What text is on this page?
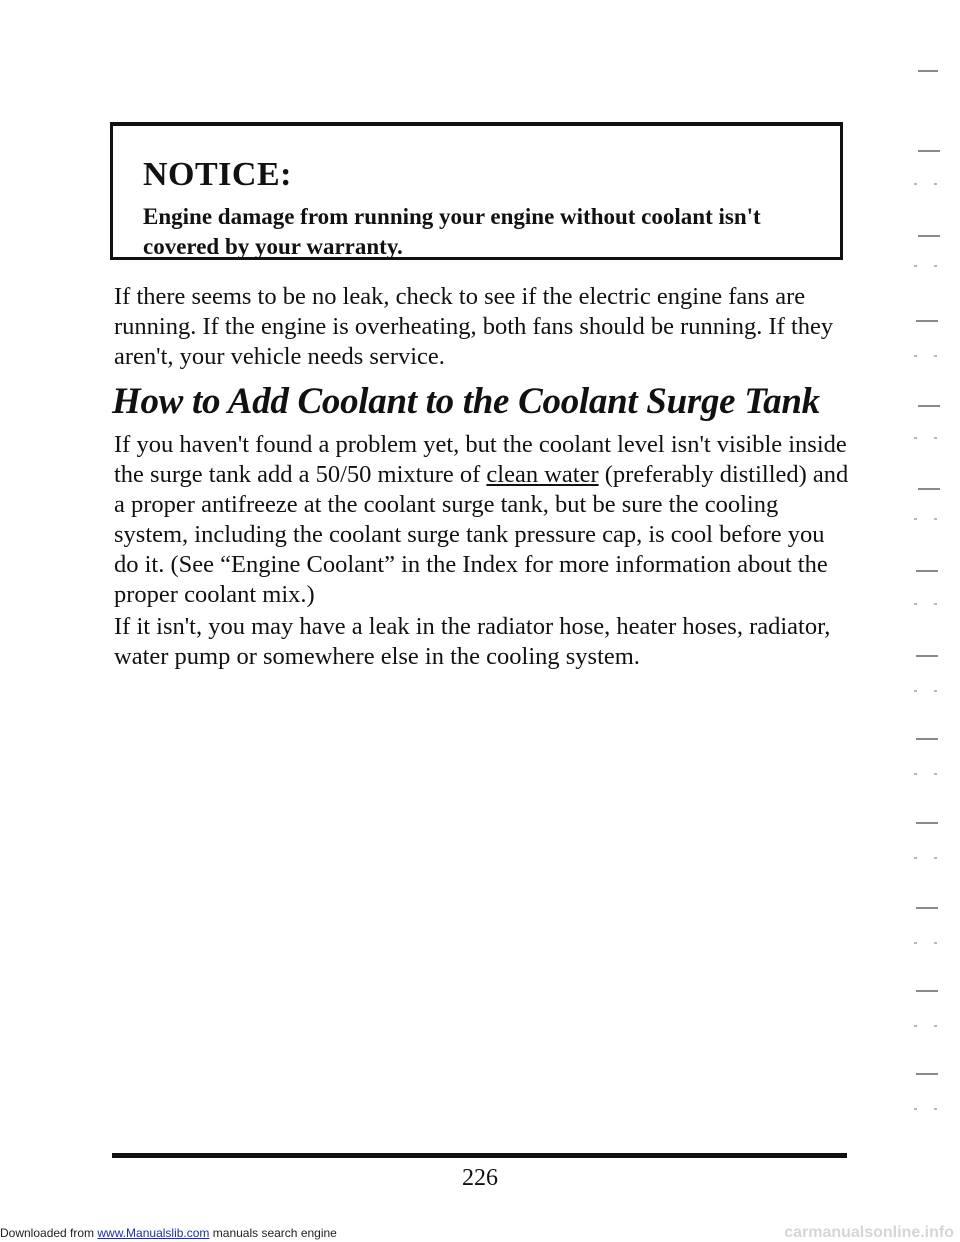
NOTICE:
Engine damage from running your engine without coolant isn't covered by your warranty.
If there seems to be no leak, check to see if the electric engine fans are running. If the engine is overheating, both fans should be running. If they aren't, your vehicle needs service.
How to Add Coolant to the Coolant Surge Tank
If you haven't found a problem yet, but the coolant level isn't visible inside the surge tank add a 50/50 mixture of clean water (preferably distilled) and a proper antifreeze at the coolant surge tank, but be sure the cooling system, including the coolant surge tank pressure cap, is cool before you do it. (See “Engine Coolant” in the Index for more information about the proper coolant mix.)
If it isn't, you may have a leak in the radiator hose, heater hoses, radiator, water pump or somewhere else in the cooling system.
226
Downloaded from www.Manualslib.com manuals search engine	carmanualsonline.info
